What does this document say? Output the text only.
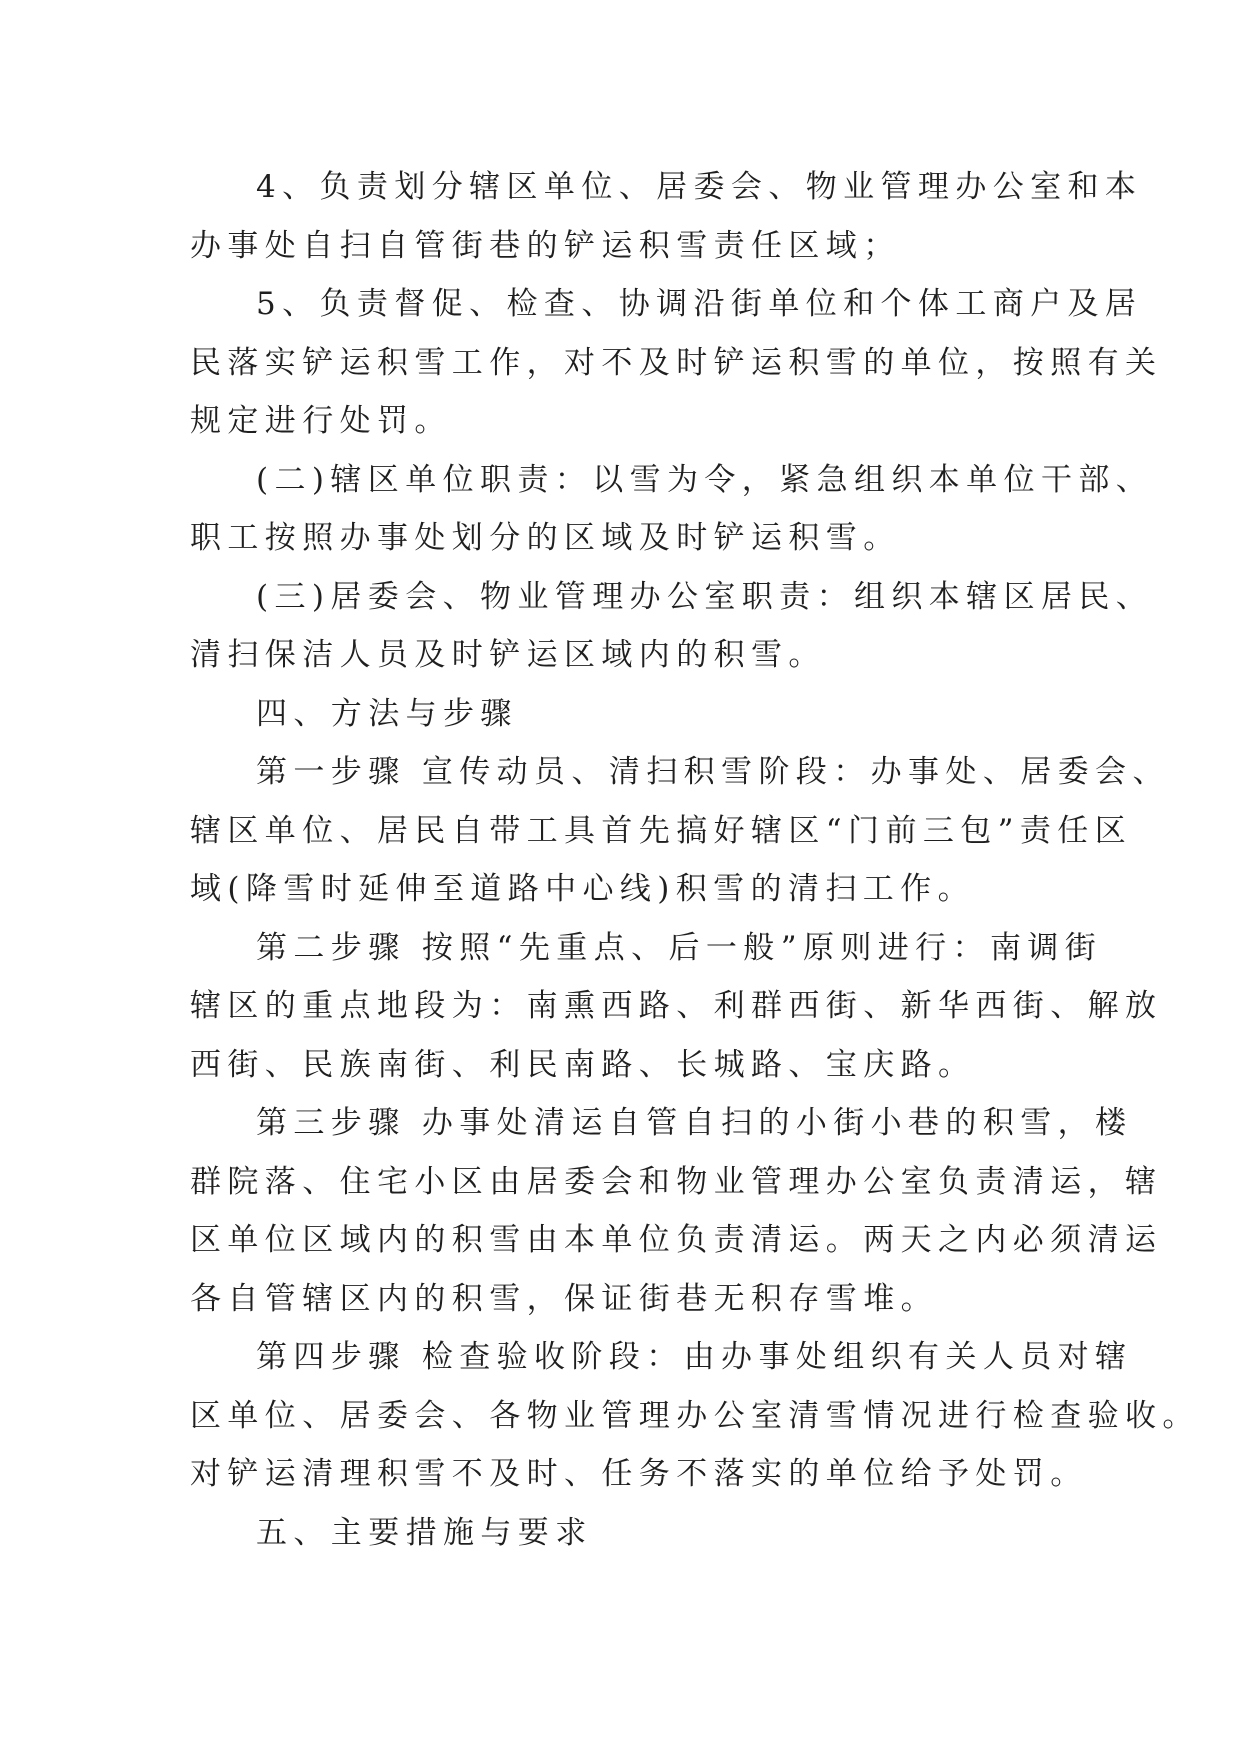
4、负责划分辖区单位、居委会、物业管理办公室和本
办事处自扫自管街巷的铲运积雪责任区域；
5、负责督促、检查、协调沿街单位和个体工商户及居
民落实铲运积雪工作，对不及时铲运积雪的单位，按照有关
规定进行处罚。
(二)辖区单位职责：以雪为令，紧急组织本单位干部、
职工按照办事处划分的区域及时铲运积雪。
(三)居委会、物业管理办公室职责：组织本辖区居民、
清扫保洁人员及时铲运区域内的积雪。
四、方法与步骤
第一步骤 宣传动员、清扫积雪阶段：办事处、居委会、
辖区单位、居民自带工具首先搞好辖区“门前三包”责任区
域(降雪时延伸至道路中心线)积雪的清扫工作。
第二步骤 按照“先重点、后一般”原则进行：南调街
辖区的重点地段为：南熏西路、利群西街、新华西街、解放
西街、民族南街、利民南路、长城路、宝庆路。
第三步骤 办事处清运自管自扫的小街小巷的积雪，楼
群院落、住宅小区由居委会和物业管理办公室负责清运，辖
区单位区域内的积雪由本单位负责清运。两天之内必须清运
各自管辖区内的积雪，保证街巷无积存雪堆。
第四步骤 检查验收阶段：由办事处组织有关人员对辖
区单位、居委会、各物业管理办公室清雪情况进行检查验收。
对铲运清理积雪不及时、任务不落实的单位给予处罚。
五、主要措施与要求
